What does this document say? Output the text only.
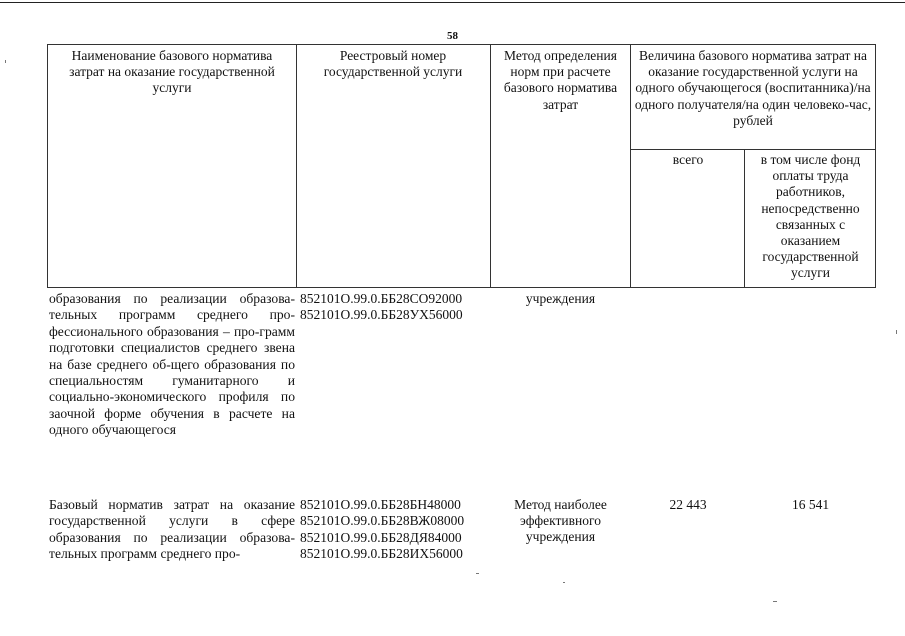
58
Наименование базового норматива затрат на оказание государственной услуги
Реестровый номер государственной услуги
Метод определения норм при расчете базового норматива затрат
Величина базового норматива затрат на оказание государственной услуги на одного обучающегося (воспитанника)/на одного получателя/на один человеко-час, рублей
всего	в том числе фонд оплаты труда работников, непосредственно связанных с оказанием государственной услуги
образования по реализации образова-тельных программ среднего про-фессионального образования – про-грамм подготовки специалистов среднего звена на базе среднего об-щего образования по специальностям гуманитарного и социально-экономического профиля по заочной форме обучения в расчете на одного обучающегося
852101О.99.0.ББ28СО92000
852101О.99.0.ББ28УХ56000
учреждения
Базовый норматив затрат на оказание государственной услуги в сфере образования по реализации образова-тельных программ среднего про-
852101О.99.0.ББ28БН48000
852101О.99.0.ББ28ВЖ08000
852101О.99.0.ББ28ДЯ84000
852101О.99.0.ББ28ИХ56000
Метод наиболее эффективного учреждения
22 443	16 541
